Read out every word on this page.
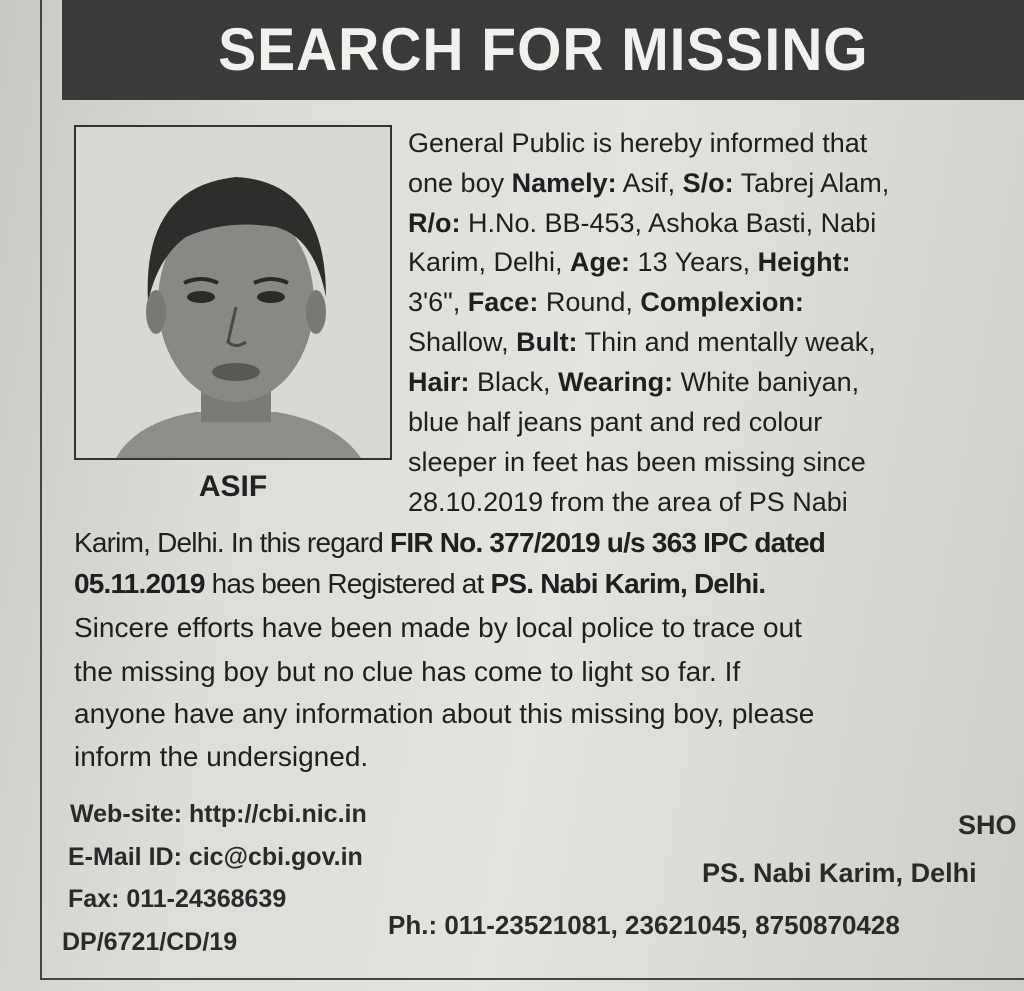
SEARCH FOR MISSING
ASIF
General Public is hereby informed that
one boy Namely: Asif, S/o: Tabrej Alam,
R/o: H.No. BB-453, Ashoka Basti, Nabi
Karim, Delhi, Age: 13 Years, Height:
3'6", Face: Round, Complexion:
Shallow, Bult: Thin and mentally weak,
Hair: Black, Wearing: White baniyan,
blue half jeans pant and red colour
sleeper in feet has been missing since
28.10.2019 from the area of PS Nabi
Karim, Delhi. In this regard FIR No. 377/2019 u/s 363 IPC dated
05.11.2019 has been Registered at PS. Nabi Karim, Delhi.
Sincere efforts have been made by local police to trace out
the missing boy but no clue has come to light so far. If
anyone have any information about this missing boy, please
inform the undersigned.
Web-site: http://cbi.nic.in
E-Mail ID: cic@cbi.gov.in
Fax: 011-24368639
DP/6721/CD/19
SHO
PS. Nabi Karim, Delhi
Ph.: 011-23521081, 23621045, 8750870428
